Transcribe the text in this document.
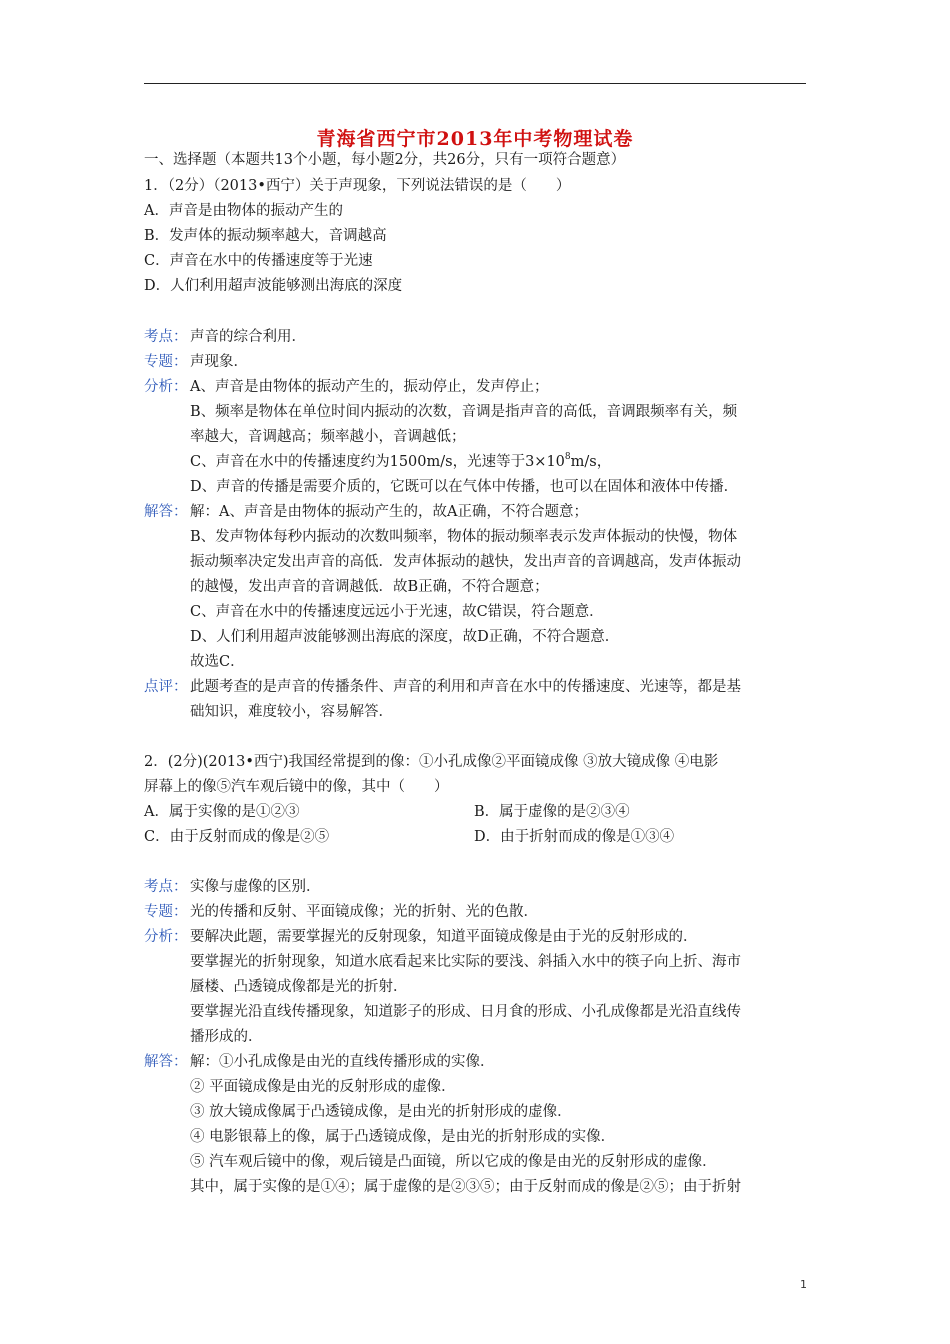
青海省西宁市2013年中考物理试卷
一、选择题（本题共13个小题，每小题2分，共26分，只有一项符合题意）
1．（2分）（2013•西宁）关于声现象，下列说法错误的是（　　）
A．声音是由物体的振动产生的
B．发声体的振动频率越大，音调越高
C．声音在水中的传播速度等于光速
D．人们利用超声波能够测出海底的深度
考点： 声音的综合利用．
专题： 声现象．
分析： A、声音是由物体的振动产生的，振动停止，发声停止；
B、频率是物体在单位时间内振动的次数，音调是指声音的高低，音调跟频率有关，频
率越大，音调越高；频率越小，音调越低；
C、声音在水中的传播速度约为1500m/s，光速等于$3\times 10^8m/s$，
D、声音的传播是需要介质的，它既可以在气体中传播，也可以在固体和液体中传播．
解答： 解：A、声音是由物体的振动产生的，故A正确，不符合题意；
B、发声物体每秒内振动的次数叫频率，物体的振动频率表示发声体振动的快慢，物体
振动频率决定发出声音的高低．发声体振动的越快，发出声音的音调越高，发声体振动
的越慢，发出声音的音调越低．故B正确，不符合题意；
C、声音在水中的传播速度远远小于光速，故C错误，符合题意．
D、人们利用超声波能够测出海底的深度，故D正确，不符合题意．
故选C．
点评： 此题考查的是声音的传播条件、声音的利用和声音在水中的传播速度、光速等，都是基
础知识，难度较小，容易解答．
2．(2分)(2013•西宁)我国经常提到的像：①小孔成像②平面镜成像 ③放大镜成像 ④电影
屏幕上的像⑤汽车观后镜中的像，其中（　　）
A．属于实像的是①②③	B．属于虚像的是②③④
C．由于反射而成的像是②⑤	D．由于折射而成的像是①③④
考点： 实像与虚像的区别．
专题： 光的传播和反射、平面镜成像；光的折射、光的色散．
分析： 要解决此题，需要掌握光的反射现象，知道平面镜成像是由于光的反射形成的．
要掌握光的折射现象，知道水底看起来比实际的要浅、斜插入水中的筷子向上折、海市
蜃楼、凸透镜成像都是光的折射．
要掌握光沿直线传播现象，知道影子的形成、日月食的形成、小孔成像都是光沿直线传
播形成的．
解答： 解：①小孔成像是由光的直线传播形成的实像．
② 平面镜成像是由光的反射形成的虚像．
③ 放大镜成像属于凸透镜成像，是由光的折射形成的虚像．
④ 电影银幕上的像，属于凸透镜成像，是由光的折射形成的实像．
⑤ 汽车观后镜中的像，观后镜是凸面镜，所以它成的像是由光的反射形成的虚像．
其中，属于实像的是①④；属于虚像的是②③⑤；由于反射而成的像是②⑤；由于折射
1
